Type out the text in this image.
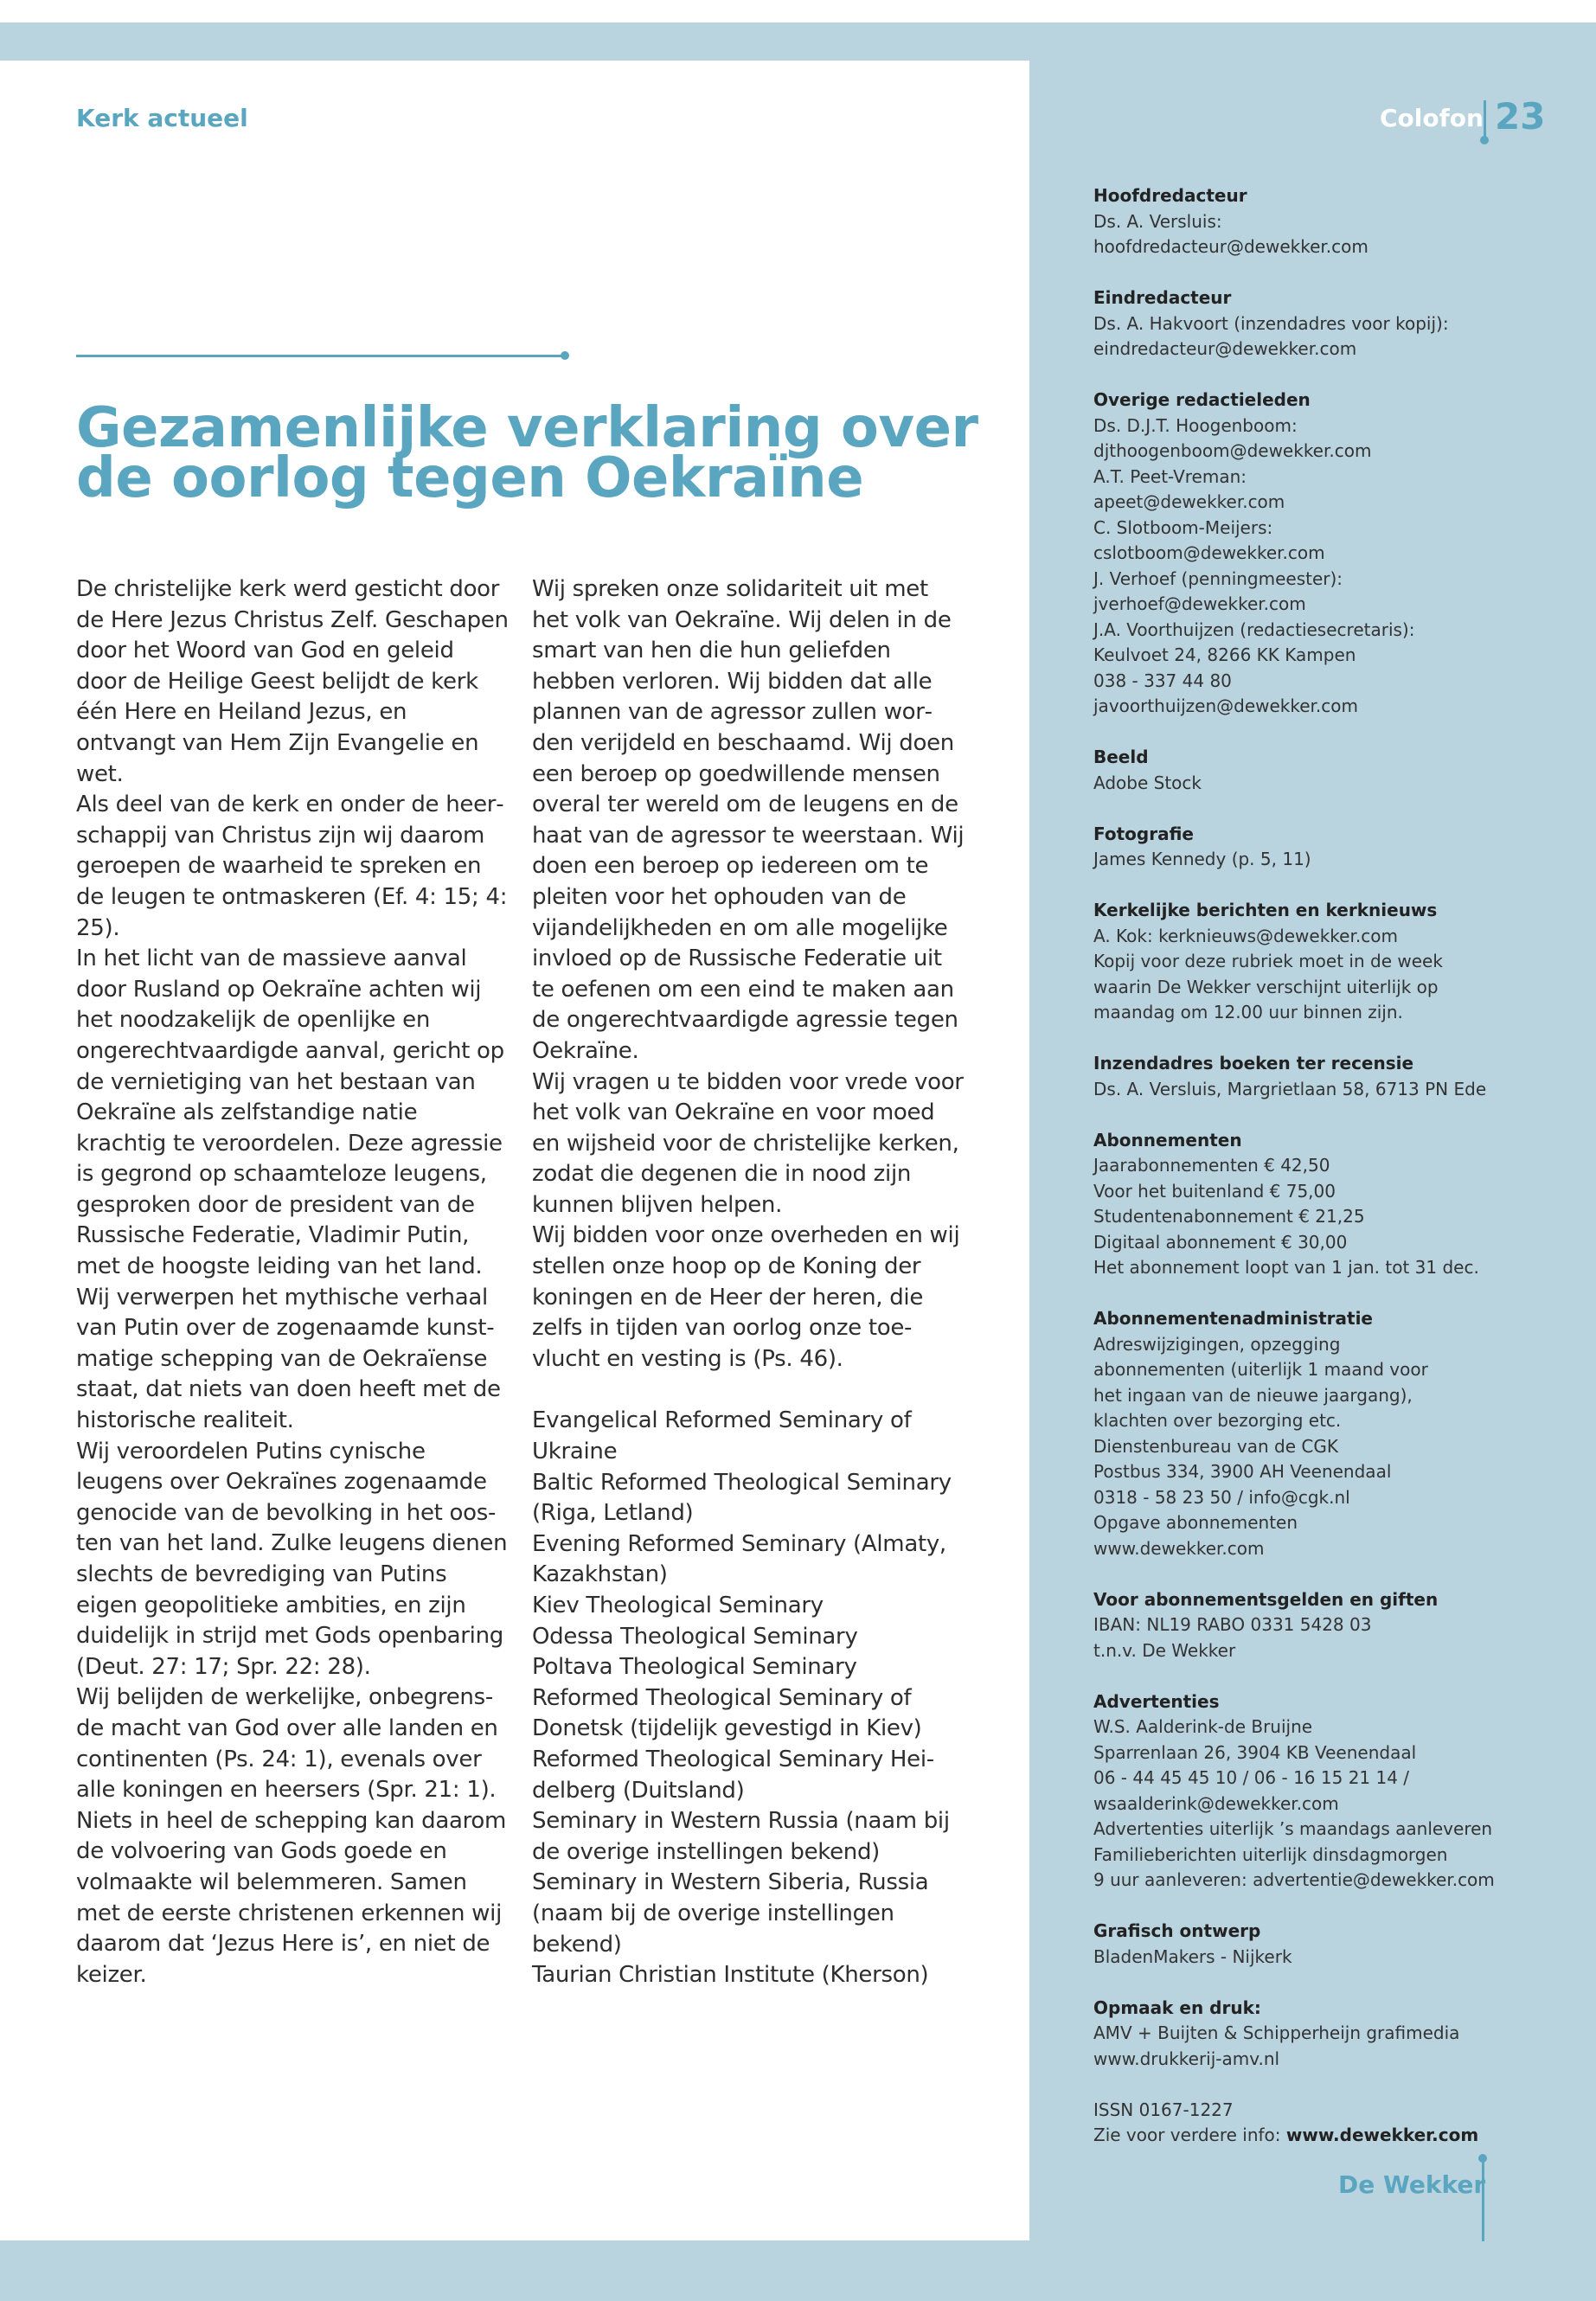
Kerk actueel
Gezamenlijke verklaring over
de oorlog tegen Oekraïne

De christelijke kerk werd gesticht door de Here Jezus Christus Zelf. Geschapen door het Woord van God en geleid door de Heilige Geest belijdt de kerk één Here en Heiland Jezus, en ontvangt van Hem Zijn Evangelie en wet.

Als deel van de kerk en onder de heerschappij van Christus zijn wij daarom geroepen de waarheid te spreken en de leugen te ontmaskeren (Ef. 4: 15; 4: 25).

In het licht van de massieve aanval door Rusland op Oekraïne achten wij het noodzakelijk de openlijke en ongerechtvaardigde aanval, gericht op de vernietiging van het bestaan van Oekraïne als zelfstandige natie krachtig te veroordelen. Deze agressie is gegrond op schaamteloze leugens, gesproken door de president van de Russische Federatie, Vladimir Putin, met de hoogste leiding van het land.

Wij verwerpen het mythische verhaal van Putin over de zogenaamde kunstmatige schepping van de Oekraïense staat, dat niets van doen heeft met de historische realiteit.

Wij veroordelen Putins cynische leugens over Oekraïnes zogenaamde genocide van de bevolking in het oosten van het land. Zulke leugens dienen slechts de bevrediging van Putins eigen geopolitieke ambities, en zijn duidelijk in strijd met Gods openbaring (Deut. 27: 17; Spr. 22: 28).

Wij belijden de werkelijke, onbegrensde macht van God over alle landen en continenten (Ps. 24: 1), evenals over alle koningen en heersers (Spr. 21: 1). Niets in heel de schepping kan daarom de volvoering van Gods goede en volmaakte wil belemmeren. Samen met de eerste christenen erkennen wij daarom dat ‘Jezus Here is’, en niet de keizer.

Wij spreken onze solidariteit uit met het volk van Oekraïne. Wij delen in de smart van hen die hun geliefden hebben verloren. Wij bidden dat alle plannen van de agressor zullen worden verijdeld en beschaamd. Wij doen een beroep op goedwillende mensen overal ter wereld om de leugens en de haat van de agressor te weerstaan. Wij doen een beroep op iedereen om te pleiten voor het ophouden van de vijandelijkheden en om alle mogelijke invloed op de Russische Federatie uit te oefenen om een eind te maken aan de ongerechtvaardigde agressie tegen Oekraïne.

Wij vragen u te bidden voor vrede voor het volk van Oekraïne en voor moed en wijsheid voor de christelijke kerken, zodat die degenen die in nood zijn kunnen blijven helpen.

Wij bidden voor onze overheden en wij stellen onze hoop op de Koning der koningen en de Heer der heren, die zelfs in tijden van oorlog onze toevlucht en vesting is (Ps. 46).

Evangelical Reformed Seminary of Ukraine

Baltic Reformed Theological Seminary (Riga, Letland)

Evening Reformed Seminary (Almaty, Kazakhstan)

Kiev Theological Seminary

Odessa Theological Seminary

Poltava Theological Seminary

Reformed Theological Seminary of Donetsk (tijdelijk gevestigd in Kiev)

Reformed Theological Seminary Heidelberg (Duitsland)

Seminary in Western Russia (naam bij de overige instellingen bekend)

Seminary in Western Siberia, Russia (naam bij de overige instellingen bekend)

Taurian Christian Institute (Kherson)

Colofon 23
Hoofdredacteur
Ds. A. Versluis:
hoofdredacteur@dewekker.com
Eindredacteur
Ds. A. Hakvoort (inzendadres voor kopij):
eindredacteur@dewekker.com
Overige redactieleden
Ds. D.J.T. Hoogenboom:
djthoogenboom@dewekker.com
A.T. Peet-Vreman:
apeet@dewekker.com
C. Slotboom-Meijers:
cslotboom@dewekker.com
J. Verhoef (penningmeester):
jverhoef@dewekker.com
J.A. Voorthuijzen (redactiesecretaris):
Keulvoet 24, 8266 KK Kampen
038 - 337 44 80
javoorthuijzen@dewekker.com
Beeld
Adobe Stock
Fotografie
James Kennedy (p. 5, 11)
Kerkelijke berichten en kerknieuws
A. Kok: kerknieuws@dewekker.com
Kopij voor deze rubriek moet in de week
waarin De Wekker verschijnt uiterlijk op
maandag om 12.00 uur binnen zijn.
Inzendadres boeken ter recensie
Ds. A. Versluis, Margrietlaan 58, 6713 PN Ede
Abonnementen
Jaarabonnementen € 42,50
Voor het buitenland € 75,00
Studentenabonnement € 21,25
Digitaal abonnement € 30,00
Het abonnement loopt van 1 jan. tot 31 dec.
Abonnementenadministratie
Adreswijzigingen, opzegging
abonnementen (uiterlijk 1 maand voor
het ingaan van de nieuwe jaargang),
klachten over bezorging etc.
Dienstenbureau van de CGK
Postbus 334, 3900 AH Veenendaal
0318 - 58 23 50 / info@cgk.nl
Opgave abonnementen
www.dewekker.com
Voor abonnementsgelden en giften
IBAN: NL19 RABO 0331 5428 03
t.n.v. De Wekker
Advertenties
W.S. Aalderink-de Bruijne
Sparrenlaan 26, 3904 KB Veenendaal
06 - 44 45 45 10 / 06 - 16 15 21 14 /
wsaalderink@dewekker.com
Advertenties uiterlijk ’s maandags aanleveren
Familieberichten uiterlijk dinsdagmorgen
9 uur aanleveren: advertentie@dewekker.com
Grafisch ontwerp
BladenMakers - Nijkerk
Opmaak en druk:
AMV + Buijten & Schipperheijn grafimedia
www.drukkerij-amv.nl
ISSN 0167-1227
Zie voor verdere info: www.dewekker.com
De Wekker
